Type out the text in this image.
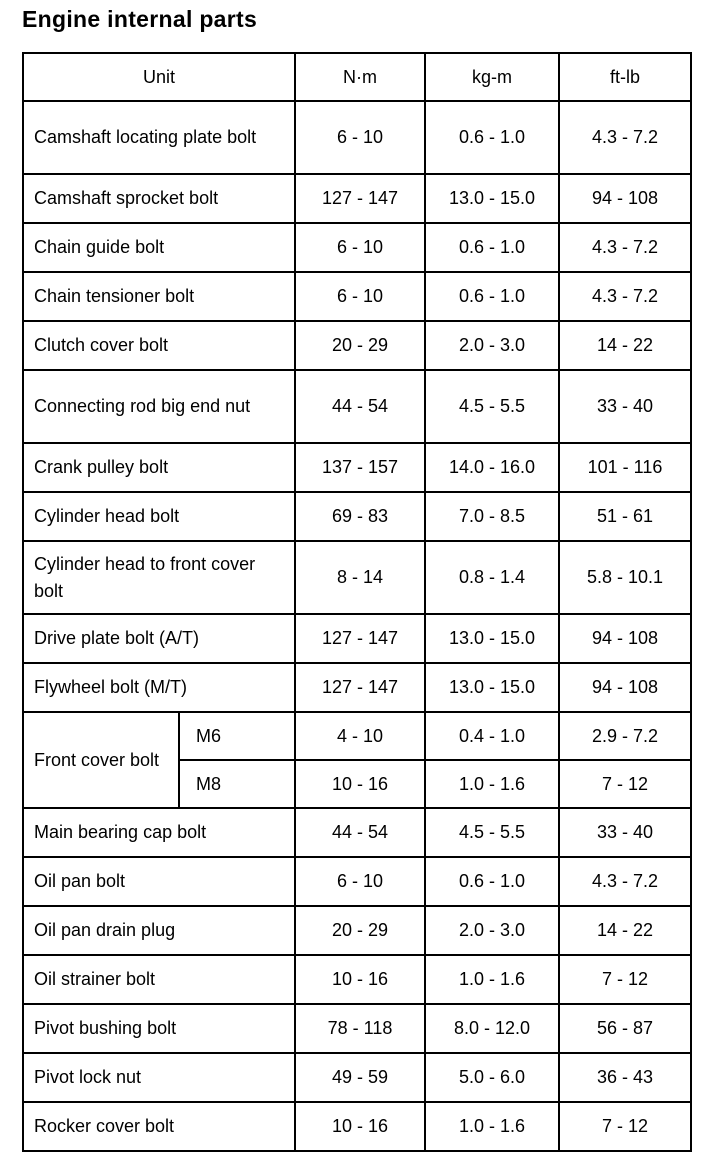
Engine internal parts
Unit		N·m	kg-m	ft-lb
Camshaft locating plate bolt		6 - 10	0.6 - 1.0	4.3 - 7.2
Camshaft sprocket bolt		127 - 147	13.0 - 15.0	94 - 108
Chain guide bolt		6 - 10	0.6 - 1.0	4.3 - 7.2
Chain tensioner bolt		6 - 10	0.6 - 1.0	4.3 - 7.2
Clutch cover bolt		20 - 29	2.0 - 3.0	14 - 22
Connecting rod big end nut		44 - 54	4.5 - 5.5	33 - 40
Crank pulley bolt		137 - 157	14.0 - 16.0	101 - 116
Cylinder head bolt		69 - 83	7.0 - 8.5	51 - 61
Cylinder head to front cover bolt		8 - 14	0.8 - 1.4	5.8 - 10.1
Drive plate bolt (A/T)		127 - 147	13.0 - 15.0	94 - 108
Flywheel bolt (M/T)		127 - 147	13.0 - 15.0	94 - 108
Front cover bolt	M6	4 - 10	0.4 - 1.0	2.9 - 7.2
	M8	10 - 16	1.0 - 1.6	7 - 12
Main bearing cap bolt		44 - 54	4.5 - 5.5	33 - 40
Oil pan bolt		6 - 10	0.6 - 1.0	4.3 - 7.2
Oil pan drain plug		20 - 29	2.0 - 3.0	14 - 22
Oil strainer bolt		10 - 16	1.0 - 1.6	7 - 12
Pivot bushing bolt		78 - 118	8.0 - 12.0	56 - 87
Pivot lock nut		49 - 59	5.0 - 6.0	36 - 43
Rocker cover bolt		10 - 16	1.0 - 1.6	7 - 12
